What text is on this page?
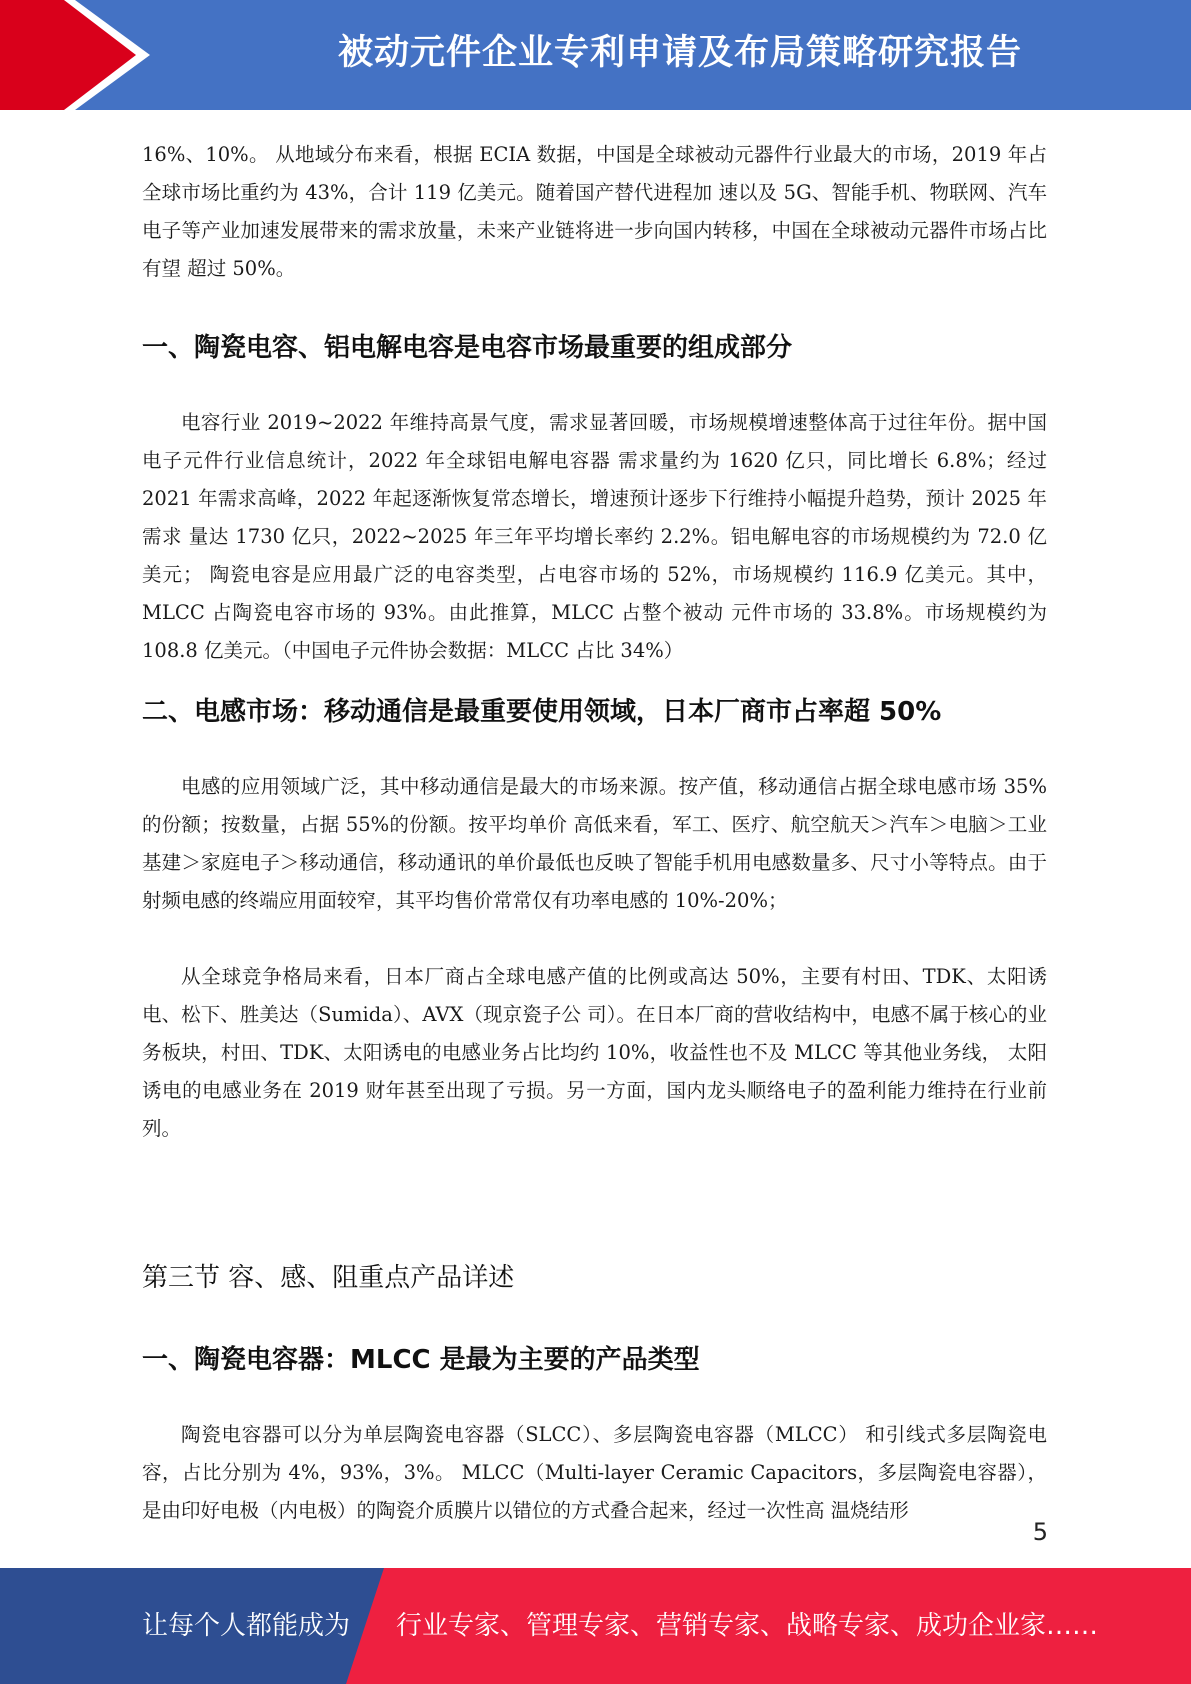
被动元件企业专利申请及布局策略研究报告

16%、10%。 从地域分布来看，根据 ECIA 数据，中国是全球被动元器件行业最大的市场，2019 年占全球市场比重约为 43%，合计 119 亿美元。随着国产替代进程加 速以及 5G、智能手机、物联网、汽车电子等产业加速发展带来的需求放量，未来产业链将进一步向国内转移，中国在全球被动元器件市场占比有望 超过 50%。

一、陶瓷电容、铝电解电容是电容市场最重要的组成部分

电容行业 2019~2022 年维持高景气度，需求显著回暖，市场规模增速整体高于过往年份。据中国电子元件行业信息统计，2022 年全球铝电解电容器 需求量约为 1620 亿只，同比增长 6.8%；经过 2021 年需求高峰，2022 年起逐渐恢复常态增长，增速预计逐步下行维持小幅提升趋势，预计 2025 年需求 量达 1730 亿只，2022~2025 年三年平均增长率约 2.2%。铝电解电容的市场规模约为 72.0 亿美元； 陶瓷电容是应用最广泛的电容类型，占电容市场的 52%，市场规模约 116.9 亿美元。其中，MLCC 占陶瓷电容市场的 93%。由此推算，MLCC 占整个被动 元件市场的 33.8%。市场规模约为 108.8 亿美元。（中国电子元件协会数据：MLCC 占比 34%）

二、电感市场：移动通信是最重要使用领域，日本厂商市占率超 50%

电感的应用领域广泛，其中移动通信是最大的市场来源。按产值，移动通信占据全球电感市场 35%的份额；按数量，占据 55%的份额。按平均单价 高低来看，军工、医疗、航空航天＞汽车＞电脑＞工业基建＞家庭电子＞移动通信，移动通讯的单价最低也反映了智能手机用电感数量多、尺寸小等特点。由于射频电感的终端应用面较窄，其平均售价常常仅有功率电感的 10%-20%；

从全球竞争格局来看，日本厂商占全球电感产值的比例或高达 50%，主要有村田、TDK、太阳诱电、松下、胜美达（Sumida）、AVX（现京瓷子公 司）。在日本厂商的营收结构中，电感不属于核心的业务板块，村田、TDK、太阳诱电的电感业务占比均约 10%，收益性也不及 MLCC 等其他业务线， 太阳诱电的电感业务在 2019 财年甚至出现了亏损。另一方面，国内龙头顺络电子的盈利能力维持在行业前列。

第三节 容、感、阻重点产品详述
一、陶瓷电容器：MLCC 是最为主要的产品类型

陶瓷电容器可以分为单层陶瓷电容器（SLCC）、多层陶瓷电容器（MLCC） 和引线式多层陶瓷电容，占比分别为 4%，93%，3%。 MLCC（Multi-layer Ceramic Capacitors，多层陶瓷电容器），是由印好电极（内电极）的陶瓷介质膜片以错位的方式叠合起来，经过一次性高 温烧结形

5
让每个人都能成为 行业专家、管理专家、营销专家、战略专家、成功企业家……
